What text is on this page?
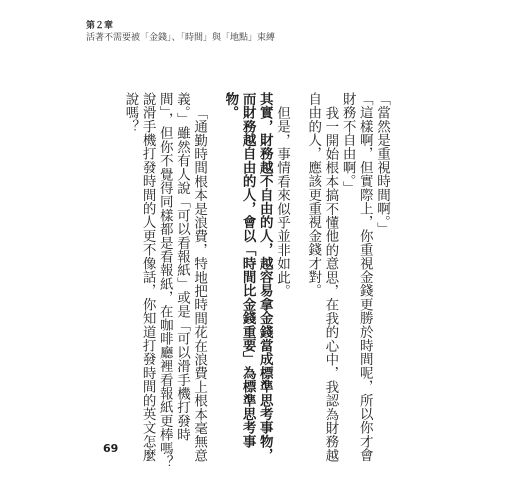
第２章
活著不需要被「金錢」、「時間」與「地點」束縛

「當然是重視時間啊。」

「這樣啊，但實際上，你重視金錢更勝於時間呢，所以你才會財務不自由啊。」

我一開始根本搞不懂他的意思，在我的心中，我認為財務越自由的人，應該更重視金錢才對。

但是，事情看來似乎並非如此。

其實，財務越不自由的人，越容易拿金錢當成標準思考事物，而財務越自由的人，會以「時間比金錢重要」為標準思考事物。

「通勤時間根本是浪費，特地把時間花在浪費上根本毫無意義。」雖然有人說「可以看報紙」或是「可以滑手機打發時間」，但你不覺得同樣都是看報紙，在咖啡廳裡看報紙更棒嗎？說滑手機打發時間的人更不像話，你知道打發時間的英文怎麼說嗎？

69
